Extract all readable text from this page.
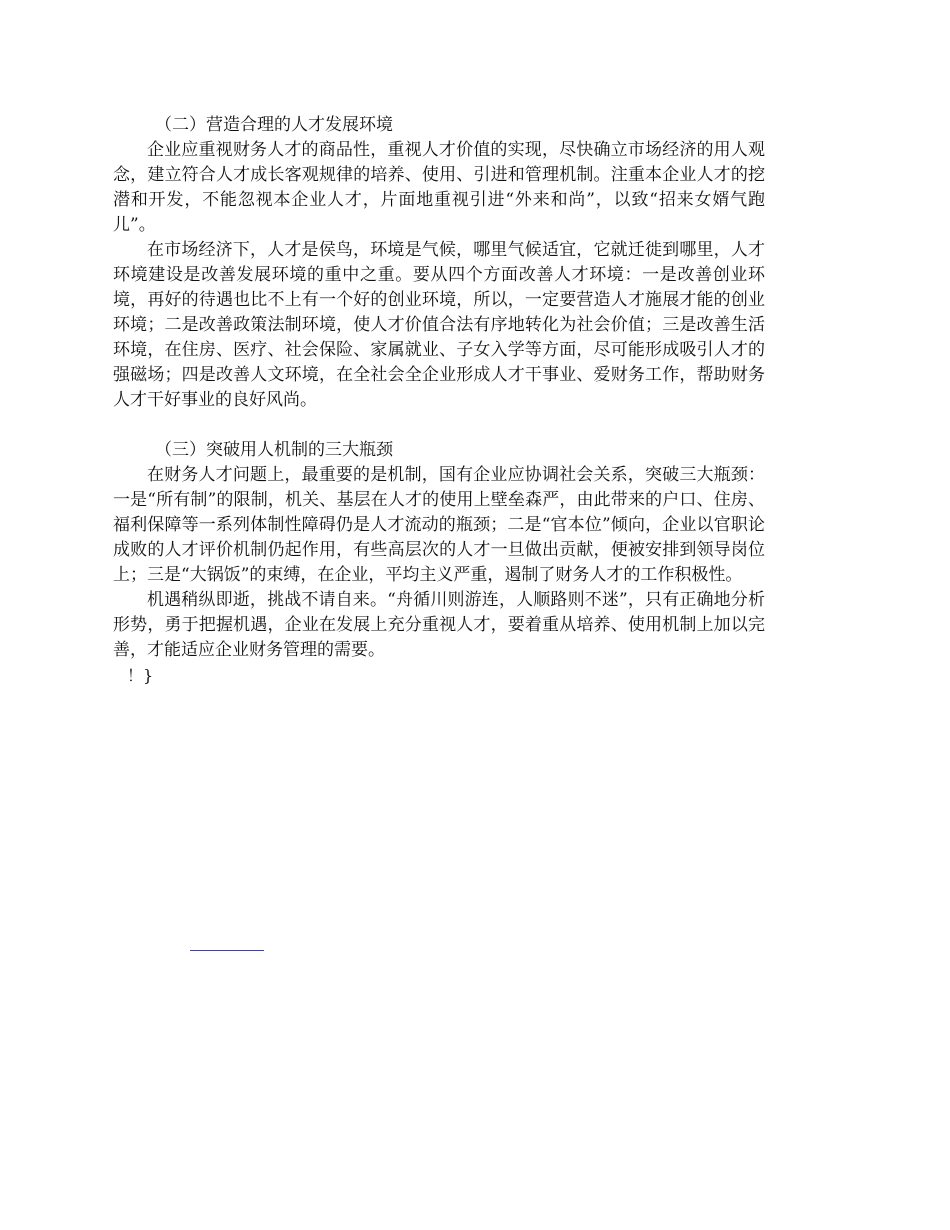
（二）营造合理的人才发展环境

企业应重视财务人才的商品性，重视人才价值的实现，尽快确立市场经济的用人观念，建立符合人才成长客观规律的培养、使用、引进和管理机制。注重本企业人才的挖潜和开发，不能忽视本企业人才，片面地重视引进“外来和尚”，以致“招来女婿气跑儿”。

在市场经济下，人才是侯鸟，环境是气候，哪里气候适宜，它就迁徙到哪里，人才环境建设是改善发展环境的重中之重。要从四个方面改善人才环境：一是改善创业环境，再好的待遇也比不上有一个好的创业环境，所以，一定要营造人才施展才能的创业环境；二是改善政策法制环境，使人才价值合法有序地转化为社会价值；三是改善生活环境，在住房、医疗、社会保险、家属就业、子女入学等方面，尽可能形成吸引人才的强磁场；四是改善人文环境，在全社会全企业形成人才干事业、爱财务工作，帮助财务人才干好事业的良好风尚。

（三）突破用人机制的三大瓶颈

在财务人才问题上，最重要的是机制，国有企业应协调社会关系，突破三大瓶颈：一是“所有制”的限制，机关、基层在人才的使用上壁垒森严，由此带来的户口、住房、福利保障等一系列体制性障碍仍是人才流动的瓶颈；二是“官本位”倾向，企业以官职论成败的人才评价机制仍起作用，有些高层次的人才一旦做出贡献，便被安排到领导岗位上；三是“大锅饭”的束缚，在企业，平均主义严重，遏制了财务人才的工作积极性。

机遇稍纵即逝，挑战不请自来。“舟循川则游连，人顺路则不迷”，只有正确地分析形势，勇于把握机遇，企业在发展上充分重视人才，要着重从培养、使用机制上加以完善，才能适应企业财务管理的需要。

！}
